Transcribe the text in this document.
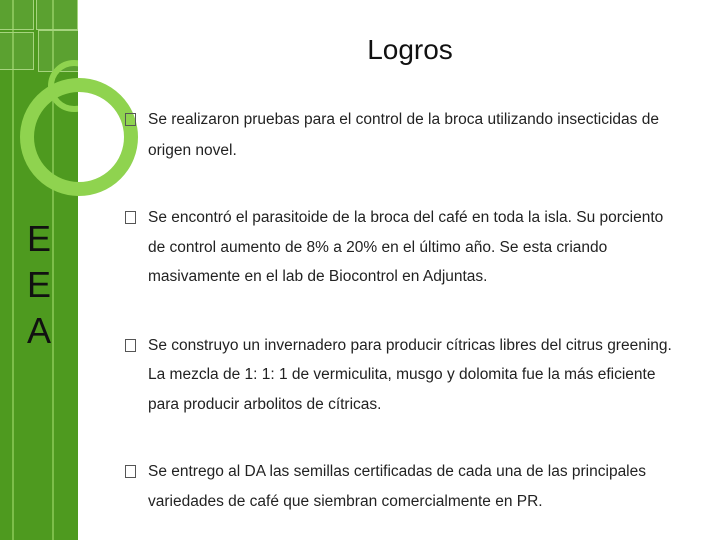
E
E
A
Logros
Se realizaron pruebas para el control de la broca utilizando insecticidas de
origen novel.
Se encontró el parasitoide de la broca del café en toda la isla. Su porciento
de control aumento de 8% a 20% en el último año. Se esta criando
masivamente en el lab de Biocontrol en Adjuntas.
Se construyo un invernadero para producir cítricas libres del citrus greening.
La mezcla de 1: 1: 1 de vermiculita, musgo y dolomita fue la más eficiente
para producir arbolitos de cítricas.
Se entrego al DA las semillas certificadas de cada una de las principales
variedades de café que siembran comercialmente en PR.
